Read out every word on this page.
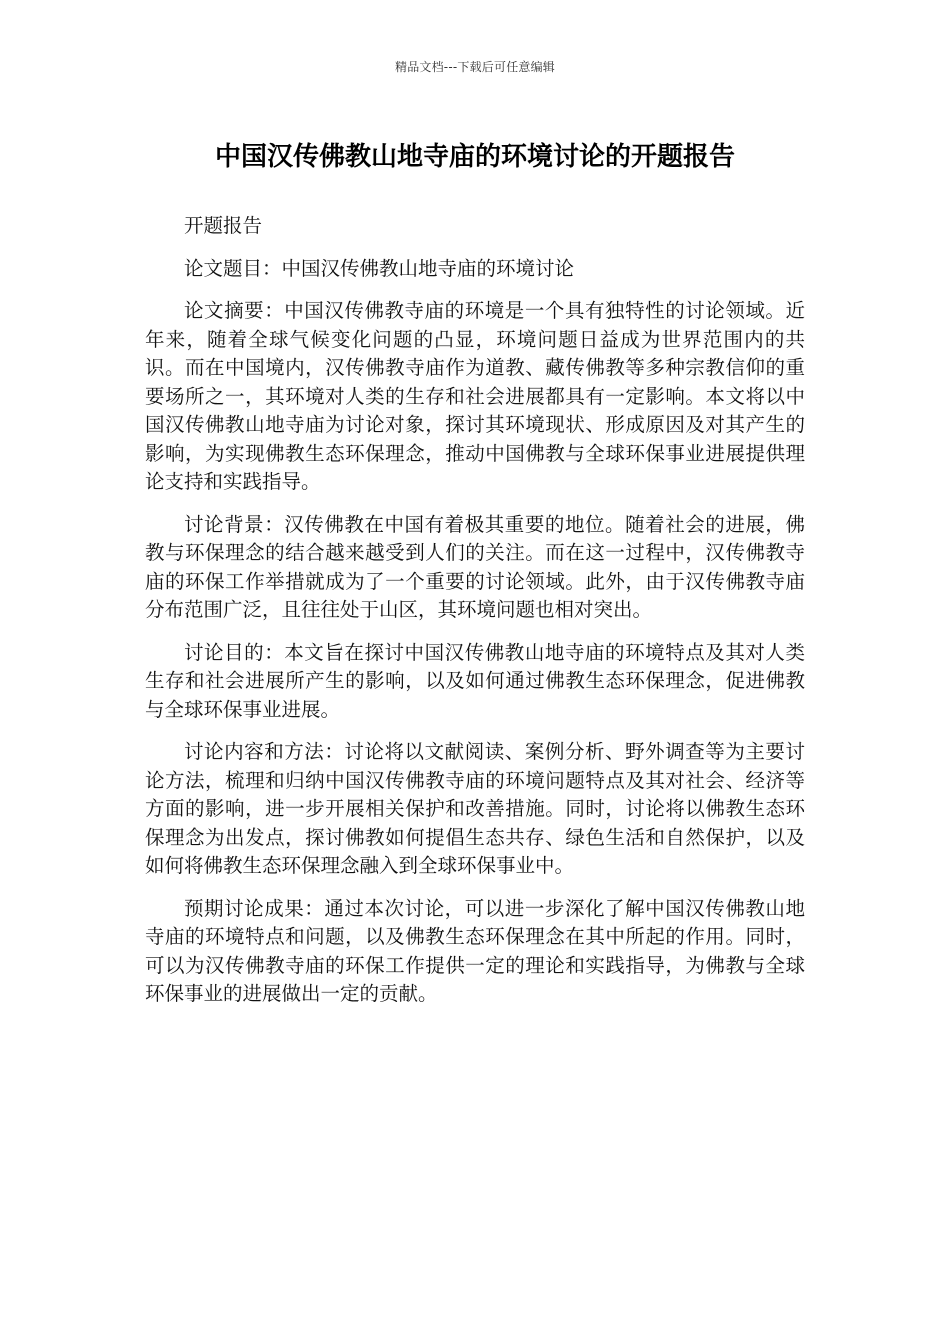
精品文档---下载后可任意编辑
中国汉传佛教山地寺庙的环境讨论的开题报告

开题报告

论文题目：中国汉传佛教山地寺庙的环境讨论

论文摘要：中国汉传佛教寺庙的环境是一个具有独特性的讨论领域。近年来，随着全球气候变化问题的凸显，环境问题日益成为世界范围内的共识。而在中国境内，汉传佛教寺庙作为道教、藏传佛教等多种宗教信仰的重要场所之一，其环境对人类的生存和社会进展都具有一定影响。本文将以中国汉传佛教山地寺庙为讨论对象，探讨其环境现状、形成原因及对其产生的影响，为实现佛教生态环保理念，推动中国佛教与全球环保事业进展提供理论支持和实践指导。

讨论背景：汉传佛教在中国有着极其重要的地位。随着社会的进展，佛教与环保理念的结合越来越受到人们的关注。而在这一过程中，汉传佛教寺庙的环保工作举措就成为了一个重要的讨论领域。此外，由于汉传佛教寺庙分布范围广泛，且往往处于山区，其环境问题也相对突出。

讨论目的：本文旨在探讨中国汉传佛教山地寺庙的环境特点及其对人类生存和社会进展所产生的影响，以及如何通过佛教生态环保理念，促进佛教与全球环保事业进展。

讨论内容和方法：讨论将以文献阅读、案例分析、野外调查等为主要讨论方法，梳理和归纳中国汉传佛教寺庙的环境问题特点及其对社会、经济等方面的影响，进一步开展相关保护和改善措施。同时，讨论将以佛教生态环保理念为出发点，探讨佛教如何提倡生态共存、绿色生活和自然保护，以及如何将佛教生态环保理念融入到全球环保事业中。

预期讨论成果：通过本次讨论，可以进一步深化了解中国汉传佛教山地寺庙的环境特点和问题，以及佛教生态环保理念在其中所起的作用。同时，可以为汉传佛教寺庙的环保工作提供一定的理论和实践指导，为佛教与全球环保事业的进展做出一定的贡献。
